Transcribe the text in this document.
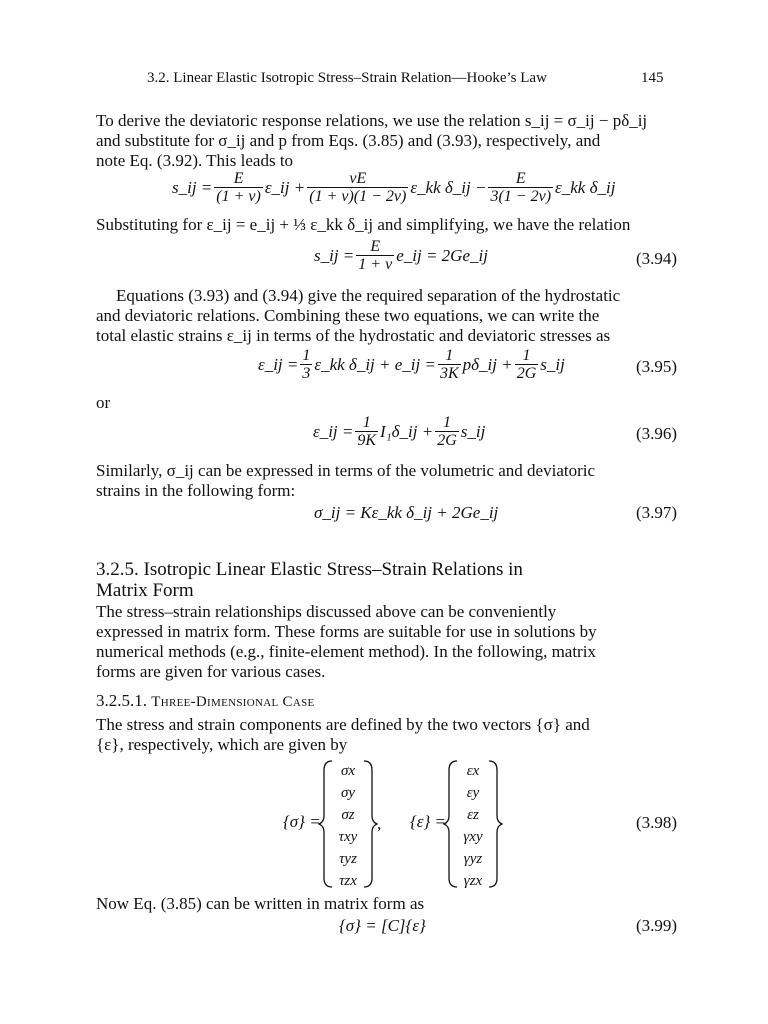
3.2. Linear Elastic Isotropic Stress–Strain Relation—Hooke’s Law	145
To derive the deviatoric response relations, we use the relation s_ij = σ_ij − pδ_ij
and substitute for σ_ij and p from Eqs. (3.85) and (3.93), respectively, and
note Eq. (3.92). This leads to
s_ij = $\frac{E}{(1 + \nu)}$ ε_ij + $\frac{\nu E}{(1 + \nu)(1 - 2\nu)}$ ε_kk δ_ij − $\frac{E}{3(1 - 2\nu)}$ ε_kk δ_ij
Substituting for ε_ij = e_ij + ⅓ ε_kk δ_ij and simplifying, we have the relation
s_ij = $\frac{E}{1 + \nu}$ e_ij = 2Ge_ij	(3.94)
Equations (3.93) and (3.94) give the required separation of the hydrostatic
and deviatoric relations. Combining these two equations, we can write the
total elastic strains ε_ij in terms of the hydrostatic and deviatoric stresses as
ε_ij = $\frac{1}{3}$ ε_kk δ_ij + e_ij = $\frac{1}{3K}$ pδ_ij + $\frac{1}{2G}$ s_ij	(3.95)
or
ε_ij = $\frac{1}{9K}$ I₁δ_ij + $\frac{1}{2G}$ s_ij	(3.96)
Similarly, σ_ij can be expressed in terms of the volumetric and deviatoric
strains in the following form:
σ_ij = Kε_kk δ_ij + 2Ge_ij	(3.97)
3.2.5. Isotropic Linear Elastic Stress–Strain Relations in
Matrix Form
The stress–strain relationships discussed above can be conveniently
expressed in matrix form. These forms are suitable for use in solutions by
numerical methods (e.g., finite-element method). In the following, matrix
forms are given for various cases.
3.2.5.1. Three-Dimensional Case
The stress and strain components are defined by the two vectors {σ} and
{ε}, respectively, which are given by
{σ} =
σx
σy
σz
τxy
τyz
τzx
, {ε} =
εx
εy
εz
γxy
γyz
γzx
(3.98)
Now Eq. (3.85) can be written in matrix form as
{σ} = [C]{ε}	(3.99)
